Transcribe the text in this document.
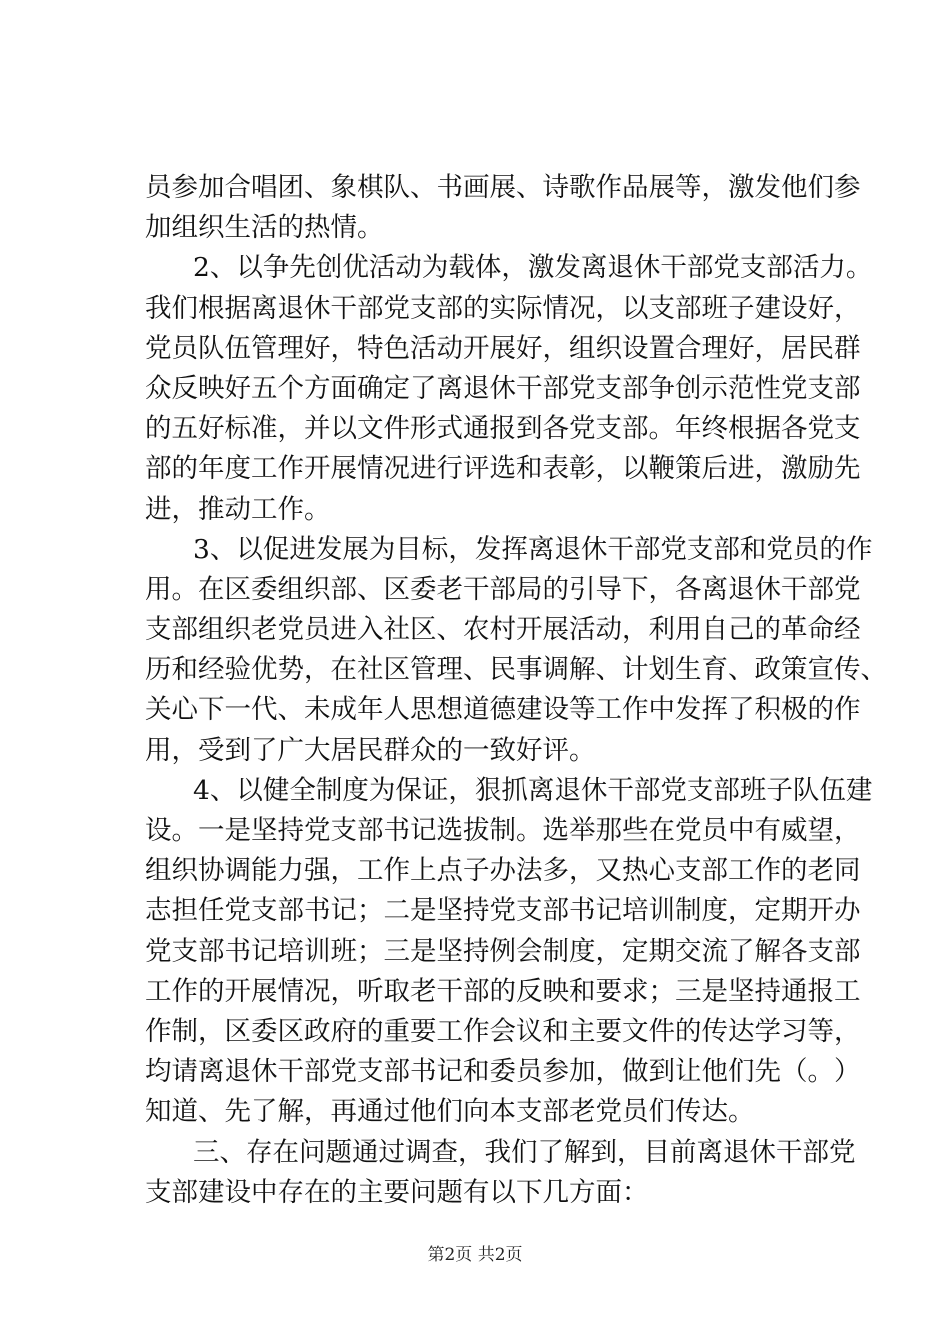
员 参 加 合 唱 团 、 象 棋 队 、 书 画 展 、 诗 歌 作 品 展 等 ， 激 发 他 们 参
加组织生活的热情。
2、以争先创优活动为载体，激发离退休干部党支部活力。
我 们 根 据 离 退 休 干 部 党 支 部 的 实 际 情 况 ， 以 支 部 班 子 建 设 好 ，
党 员 队 伍 管 理 好 ， 特 色 活 动 开 展 好 ， 组 织 设 置 合 理 好 ， 居 民 群
众 反 映 好 五 个 方 面 确 定 了 离 退 休 干 部 党 支 部 争 创 示 范 性 党 支 部
的 五 好 标 准 ， 并 以 文 件 形 式 通 报 到 各 党 支 部 。 年 终 根 据 各 党 支
部 的 年 度 工 作 开 展 情 况 进 行 评 选 和 表 彰 ， 以 鞭 策 后 进 ， 激 励 先
进，推动工作。
3 、 以 促 进 发 展 为 目 标 ， 发 挥 离 退 休 干 部 党 支 部 和 党 员 的 作
用 。 在 区 委 组 织 部 、 区 委 老 干 部 局 的 引 导 下 ， 各 离 退 休 干 部 党
支 部 组 织 老 党 员 进 入 社 区 、 农 村 开 展 活 动 ， 利 用 自 己 的 革 命 经
历 和 经 验 优 势 ， 在 社 区 管 理 、 民 事 调 解 、 计 划 生 育 、 政 策 宣 传 、
关 心 下 一 代 、 未 成 年 人 思 想 道 德 建 设 等 工 作 中 发 挥 了 积 极 的 作
用，受到了广大居民群众的一致好评。
4 、 以 健 全 制 度 为 保 证 ， 狠 抓 离 退 休 干 部 党 支 部 班 子 队 伍 建
设 。 一 是 坚 持 党 支 部 书 记 选 拔 制 。 选 举 那 些 在 党 员 中 有 威 望 ，
组 织 协 调 能 力 强 ， 工 作 上 点 子 办 法 多 ， 又 热 心 支 部 工 作 的 老 同
志 担 任 党 支 部 书 记 ； 二 是 坚 持 党 支 部 书 记 培 训 制 度 ， 定 期 开 办
党 支 部 书 记 培 训 班 ； 三 是 坚 持 例 会 制 度 ， 定 期 交 流 了 解 各 支 部
工 作 的 开 展 情 况 ， 听 取 老 干 部 的 反 映 和 要 求 ； 三 是 坚 持 通 报 工
作 制 ， 区 委 区 政 府 的 重 要 工 作 会 议 和 主 要 文 件 的 传 达 学 习 等 ，
均 请 离 退 休 干 部 党 支 部 书 记 和 委 员 参 加 ， 做 到 让 他 们 先 （ 。 ）
知道、先了解，再通过他们向本支部老党员们传达。
三 、 存 在 问 题 通 过 调 查 ， 我 们 了 解 到 ， 目 前 离 退 休 干 部 党
支部建设中存在的主要问题有以下几方面：
第2页 共2页
